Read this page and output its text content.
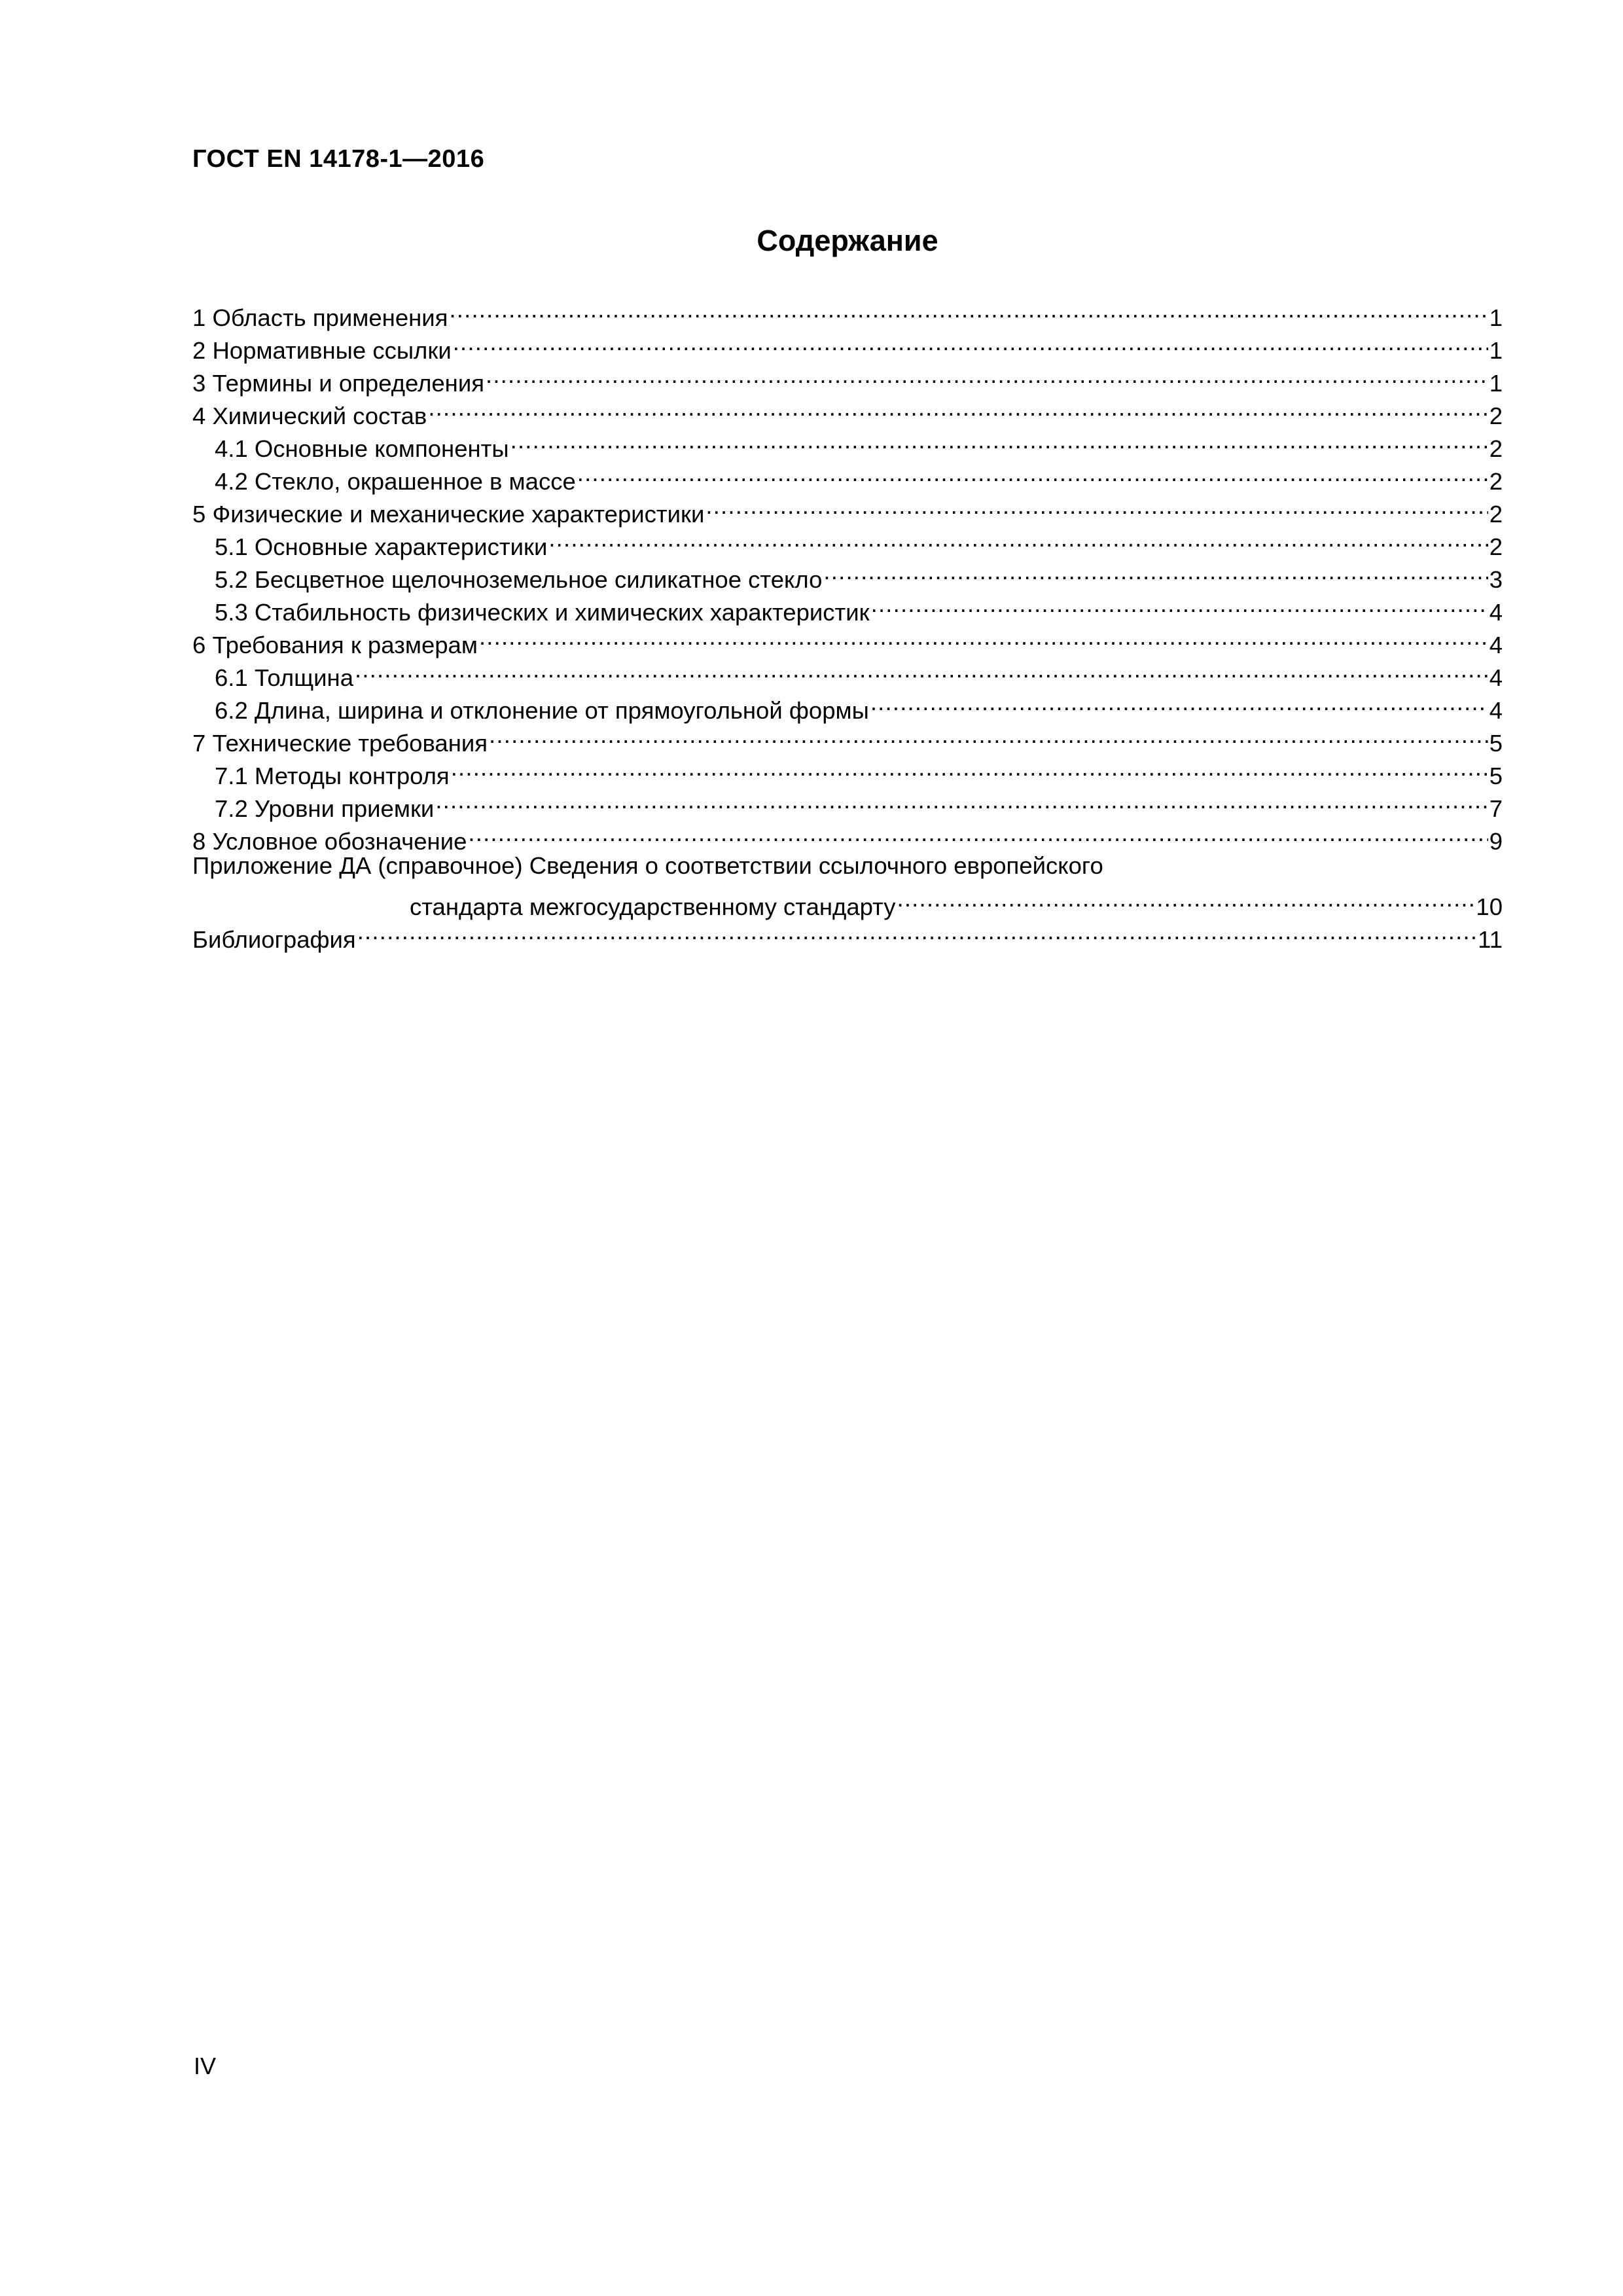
ГОСТ EN 14178-1—2016
Содержание
1 Область применения .....	1
2 Нормативные ссылки .....	1
3 Термины и определения .....	1
4 Химический состав .....	2
4.1 Основные компоненты .....	2
4.2 Стекло, окрашенное в массе .....	2
5 Физические и механические характеристики .....	2
5.1 Основные характеристики .....	2
5.2 Бесцветное щелочноземельное силикатное стекло .....	3
5.3 Стабильность физических и химических характеристик .....	4
6 Требования к размерам .....	4
6.1 Толщина .....	4
6.2 Длина, ширина и отклонение от прямоугольной формы .....	4
7 Технические требования .....	5
7.1 Методы контроля .....	5
7.2 Уровни приемки .....	7
8 Условное обозначение .....	9
Приложение ДА (справочное) Сведения о соответствии ссылочного европейского
стандарта межгосударственному стандарту .....	10
Библиография .....	11
IV
